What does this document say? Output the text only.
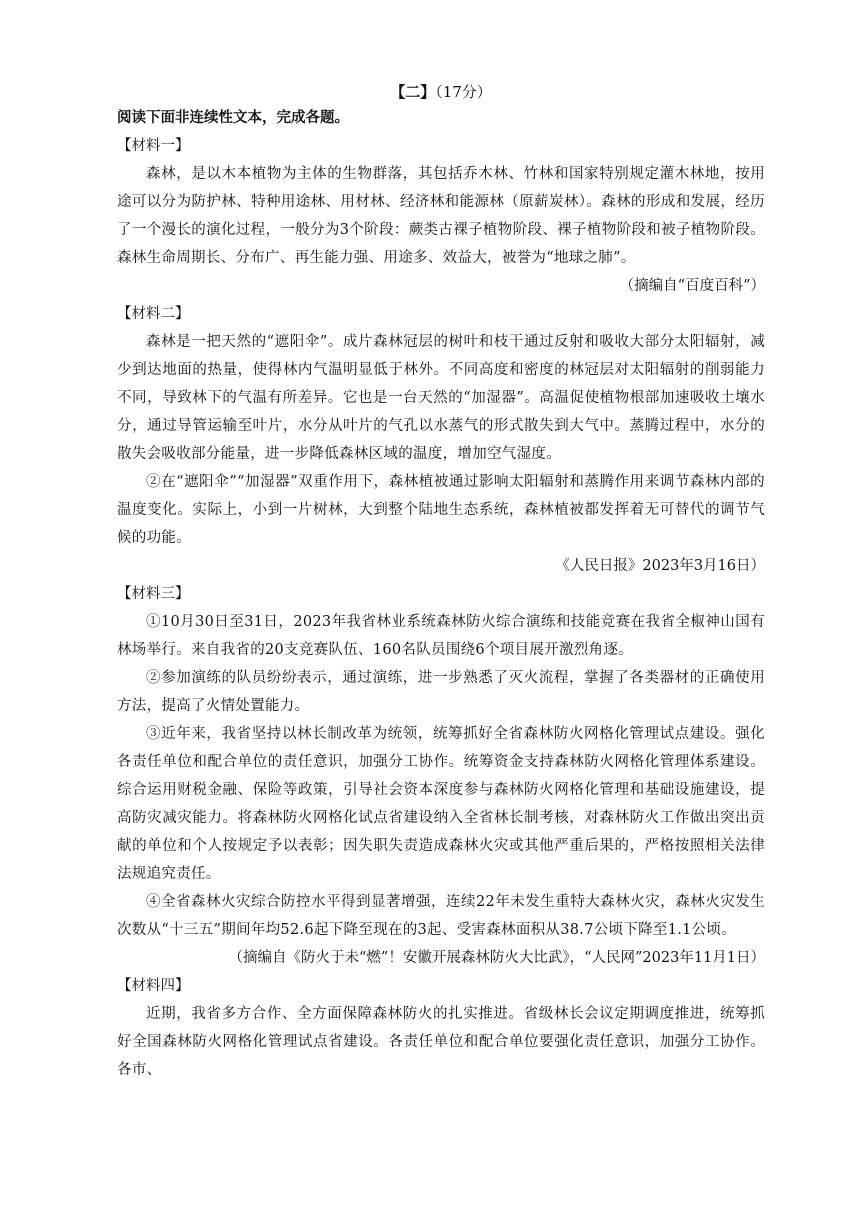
【二】（17分）

阅读下面非连续性文本，完成各题。

【材料一】

森林，是以木本植物为主体的生物群落，其包括乔木林、竹林和国家特别规定灌木林地，按用途可以分为防护林、特种用途林、用材林、经济林和能源林（原薪炭林）。森林的形成和发展，经历了一个漫长的演化过程，一般分为3个阶段：蕨类古裸子植物阶段、裸子植物阶段和被子植物阶段。森林生命周期长、分布广、再生能力强、用途多、效益大，被誉为“地球之肺”。

（摘编自“百度百科”）

【材料二】

森林是一把天然的“遮阳伞”。成片森林冠层的树叶和枝干通过反射和吸收大部分太阳辐射，减少到达地面的热量，使得林内气温明显低于林外。不同高度和密度的林冠层对太阳辐射的削弱能力不同，导致林下的气温有所差异。它也是一台天然的“加湿器”。高温促使植物根部加速吸收土壤水分，通过导管运输至叶片，水分从叶片的气孔以水蒸气的形式散失到大气中。蒸腾过程中，水分的散失会吸收部分能量，进一步降低森林区域的温度，增加空气湿度。

②在“遮阳伞”“加湿器”双重作用下，森林植被通过影响太阳辐射和蒸腾作用来调节森林内部的温度变化。实际上，小到一片树林，大到整个陆地生态系统，森林植被都发挥着无可替代的调节气候的功能。

《人民日报》2023年3月16日）

【材料三】

①10月30日至31日，2023年我省林业系统森林防火综合演练和技能竞赛在我省全椒神山国有林场举行。来自我省的20支竞赛队伍、160名队员围绕6个项目展开激烈角逐。

②参加演练的队员纷纷表示，通过演练，进一步熟悉了灭火流程，掌握了各类器材的正确使用方法，提高了火情处置能力。

③近年来，我省坚持以林长制改革为统领，统筹抓好全省森林防火网格化管理试点建设。强化各责任单位和配合单位的责任意识，加强分工协作。统筹资金支持森林防火网格化管理体系建设。综合运用财税金融、保险等政策，引导社会资本深度参与森林防火网格化管理和基础设施建设，提高防灾减灾能力。将森林防火网格化试点省建设纳入全省林长制考核，对森林防火工作做出突出贡献的单位和个人按规定予以表彰；因失职失责造成森林火灾或其他严重后果的，严格按照相关法律法规追究责任。

④全省森林火灾综合防控水平得到显著增强，连续22年未发生重特大森林火灾，森林火灾发生次数从“十三五”期间年均52.6起下降至现在的3起、受害森林面积从38.7公顷下降至1.1公顷。

（摘编自《防火于未“燃”！安徽开展森林防火大比武》，“人民网”2023年11月1日）

【材料四】

近期，我省多方合作、全方面保障森林防火的扎实推进。省级林长会议定期调度推进，统筹抓好全国森林防火网格化管理试点省建设。各责任单位和配合单位要强化责任意识，加强分工协作。各市、
